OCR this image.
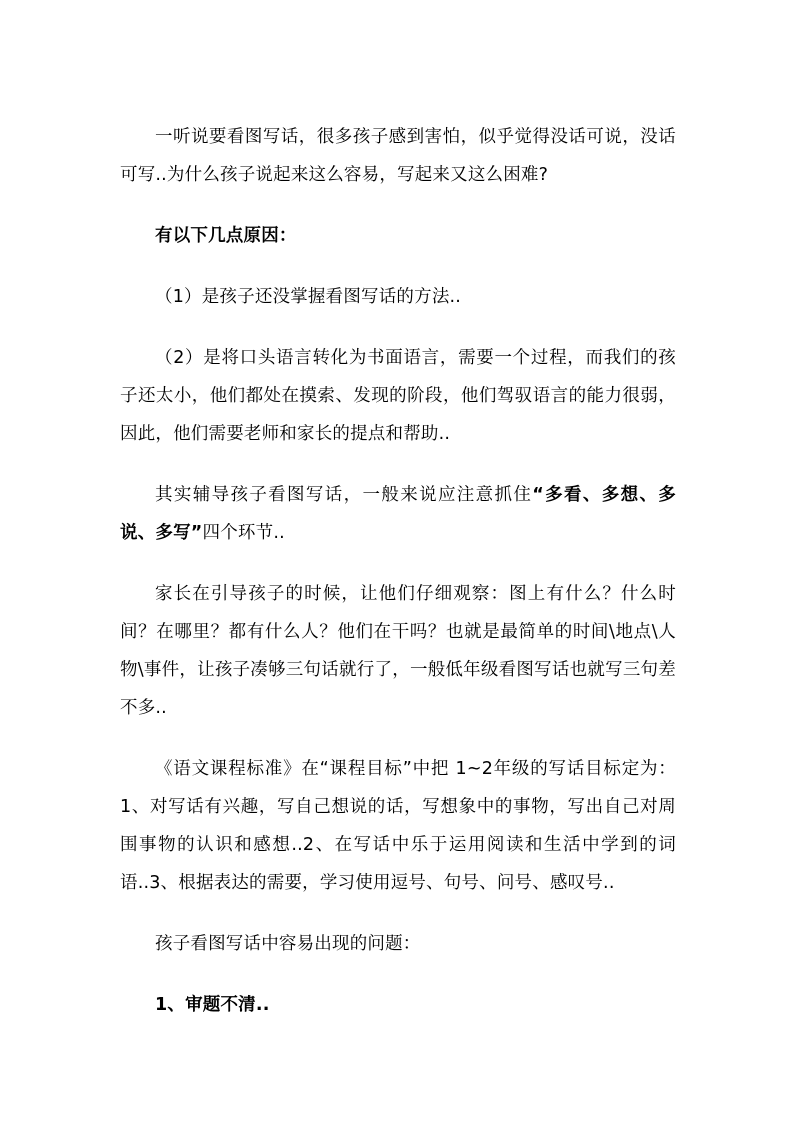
一听说要看图写话，很多孩子感到害怕，似乎觉得没话可说，没话可写..为什么孩子说起来这么容易，写起来又这么困难?

有以下几点原因：

（1）是孩子还没掌握看图写话的方法..

（2）是将口头语言转化为书面语言，需要一个过程，而我们的孩子还太小，他们都处在摸索、发现的阶段，他们驾驭语言的能力很弱，因此，他们需要老师和家长的提点和帮助..

其实辅导孩子看图写话，一般来说应注意抓住“多看、多想、多说、多写”四个环节..

家长在引导孩子的时候，让他们仔细观察：图上有什么？什么时间？在哪里？都有什么人？他们在干吗？也就是最简单的时间\地点\人物\事件，让孩子凑够三句话就行了，一般低年级看图写话也就写三句差不多..

《语文课程标准》在“课程目标”中把 1~2年级的写话目标定为：1、对写话有兴趣，写自己想说的话，写想象中的事物，写出自己对周围事物的认识和感想..2、在写话中乐于运用阅读和生活中学到的词语..3、根据表达的需要，学习使用逗号、句号、问号、感叹号..

孩子看图写话中容易出现的问题：

1、审题不清..
